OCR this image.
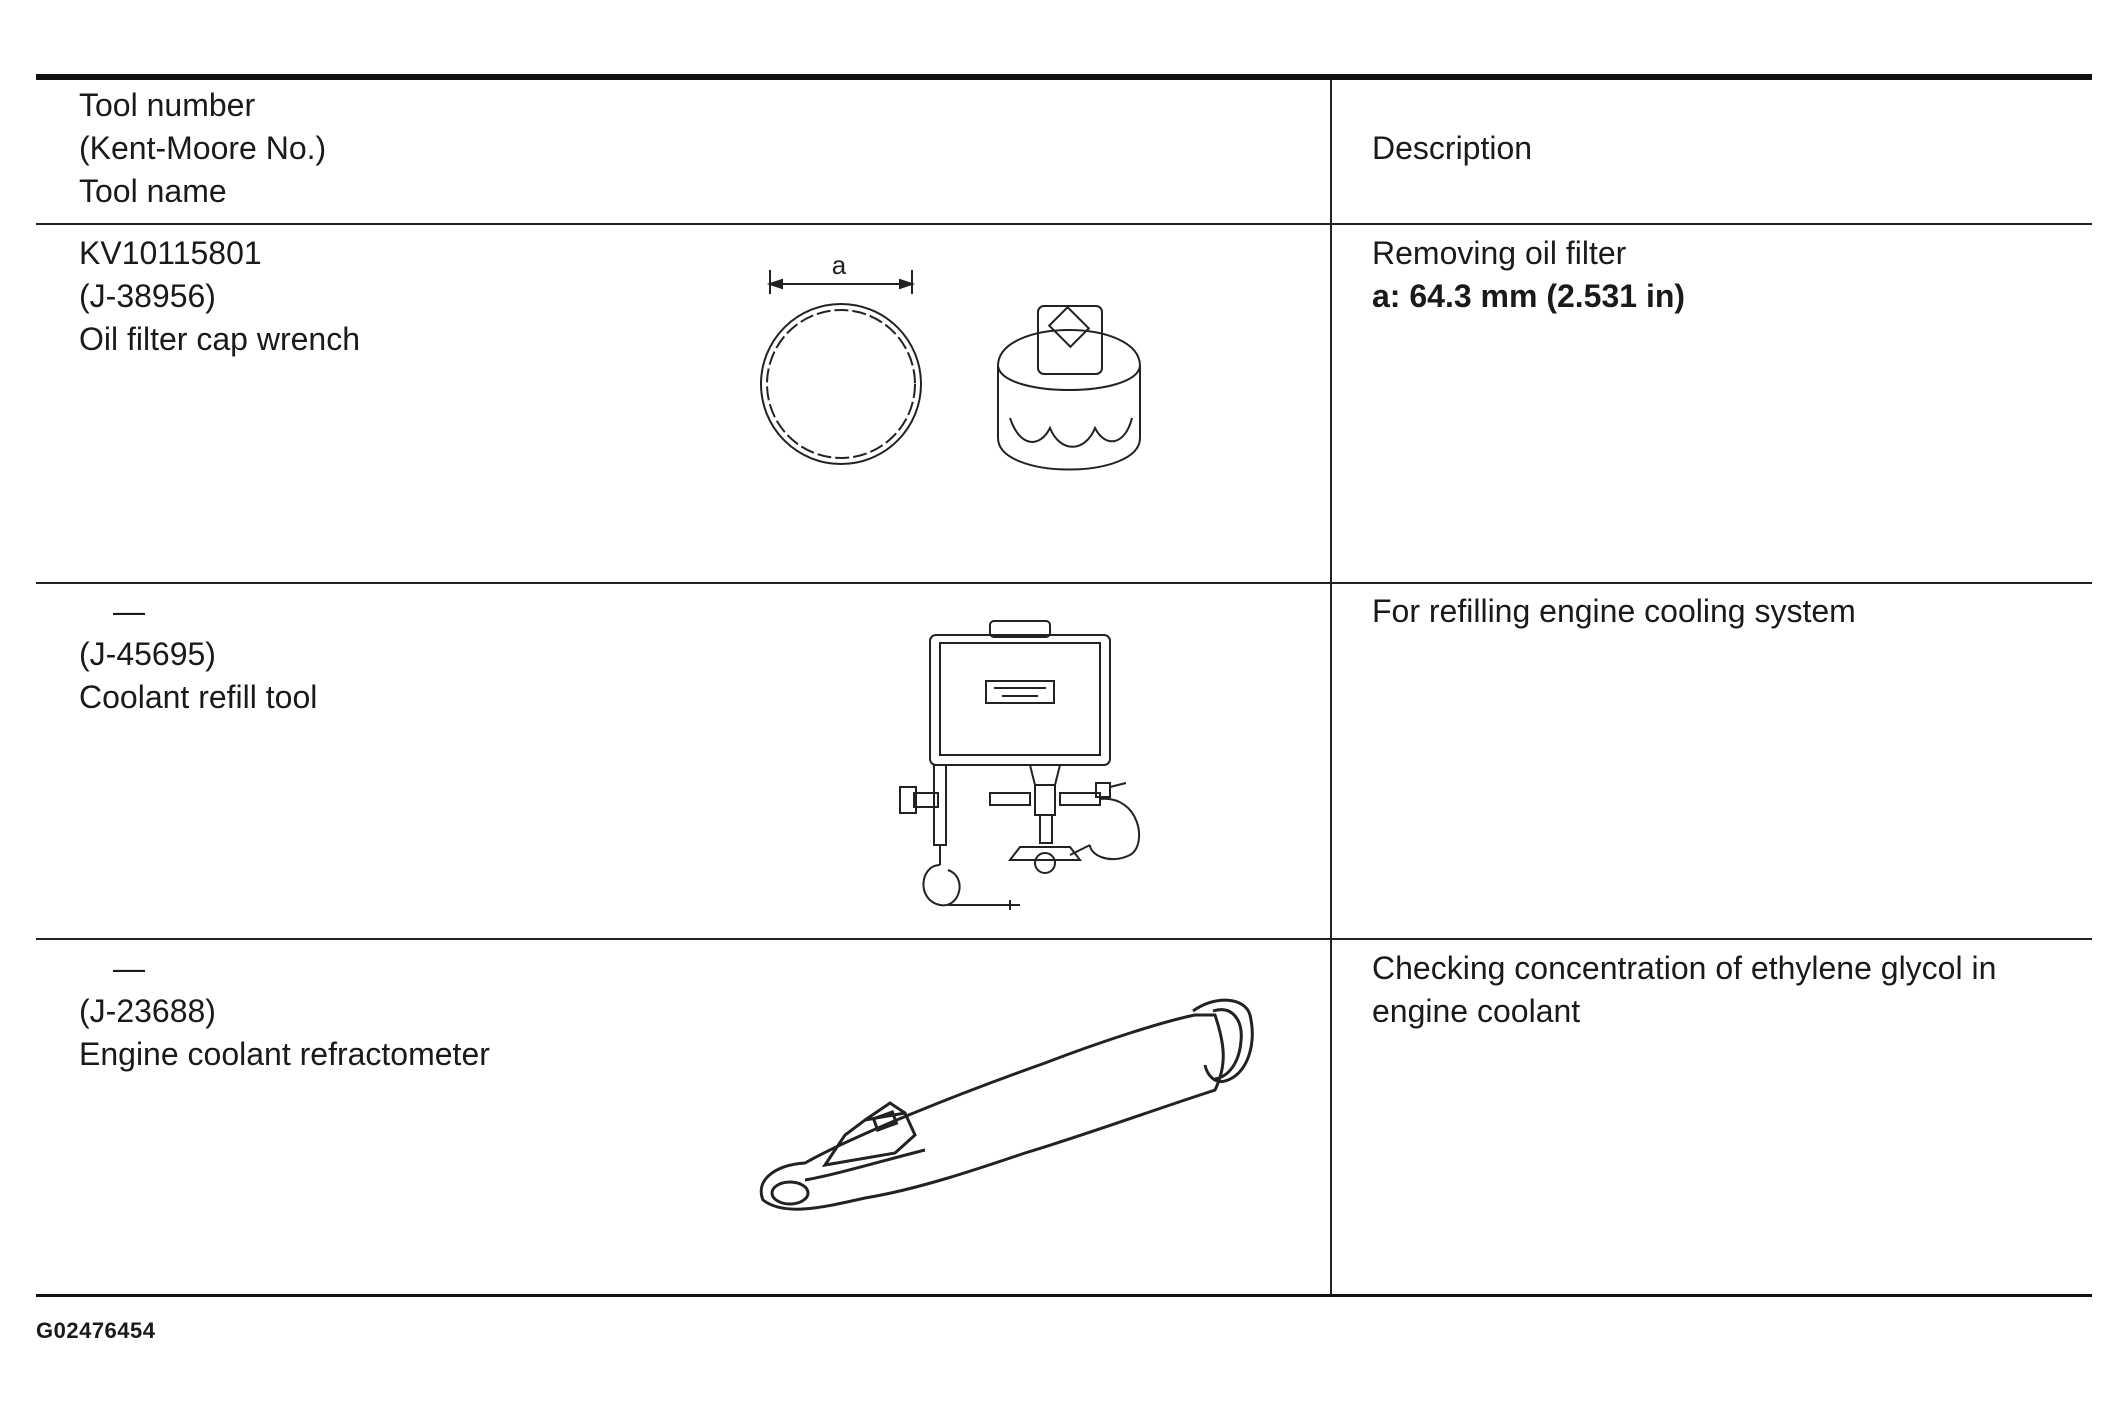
Tool number
(Kent-Moore No.)
Tool name
Description
KV10115801
(J-38956)
Oil filter cap wrench
Removing oil filter
a: 64.3 mm (2.531 in)
a
—
(J-45695)
Coolant refill tool
For refilling engine cooling system
—
(J-23688)
Engine coolant refractometer
Checking concentration of ethylene glycol in
engine coolant
G02476454
